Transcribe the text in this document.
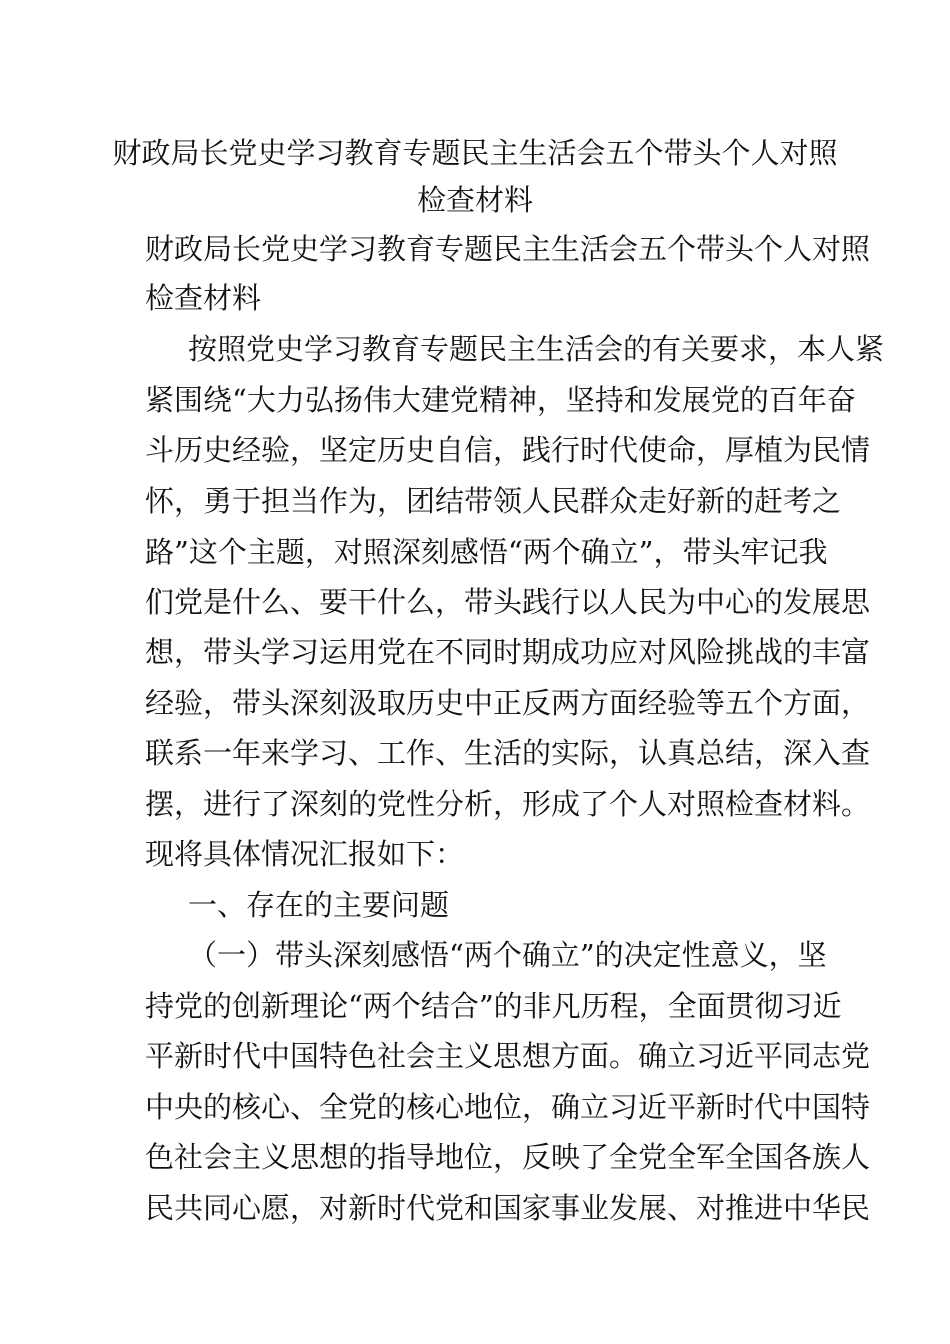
财政局长党史学习教育专题民主生活会五个带头个人对照
检查材料
财政局长党史学习教育专题民主生活会五个带头个人对照
检查材料
按照党史学习教育专题民主生活会的有关要求，本人紧
紧围绕“大力弘扬伟大建党精神，坚持和发展党的百年奋
斗历史经验，坚定历史自信，践行时代使命，厚植为民情
怀，勇于担当作为，团结带领人民群众走好新的赶考之
路”这个主题，对照深刻感悟“两个确立”，带头牢记我
们党是什么、要干什么，带头践行以人民为中心的发展思
想，带头学习运用党在不同时期成功应对风险挑战的丰富
经验，带头深刻汲取历史中正反两方面经验等五个方面，
联系一年来学习、工作、生活的实际，认真总结，深入查
摆，进行了深刻的党性分析，形成了个人对照检查材料。
现将具体情况汇报如下：
一、存在的主要问题
（一）带头深刻感悟“两个确立”的决定性意义，坚
持党的创新理论“两个结合”的非凡历程，全面贯彻习近
平新时代中国特色社会主义思想方面。确立习近平同志党
中央的核心、全党的核心地位，确立习近平新时代中国特
色社会主义思想的指导地位，反映了全党全军全国各族人
民共同心愿，对新时代党和国家事业发展、对推进中华民
